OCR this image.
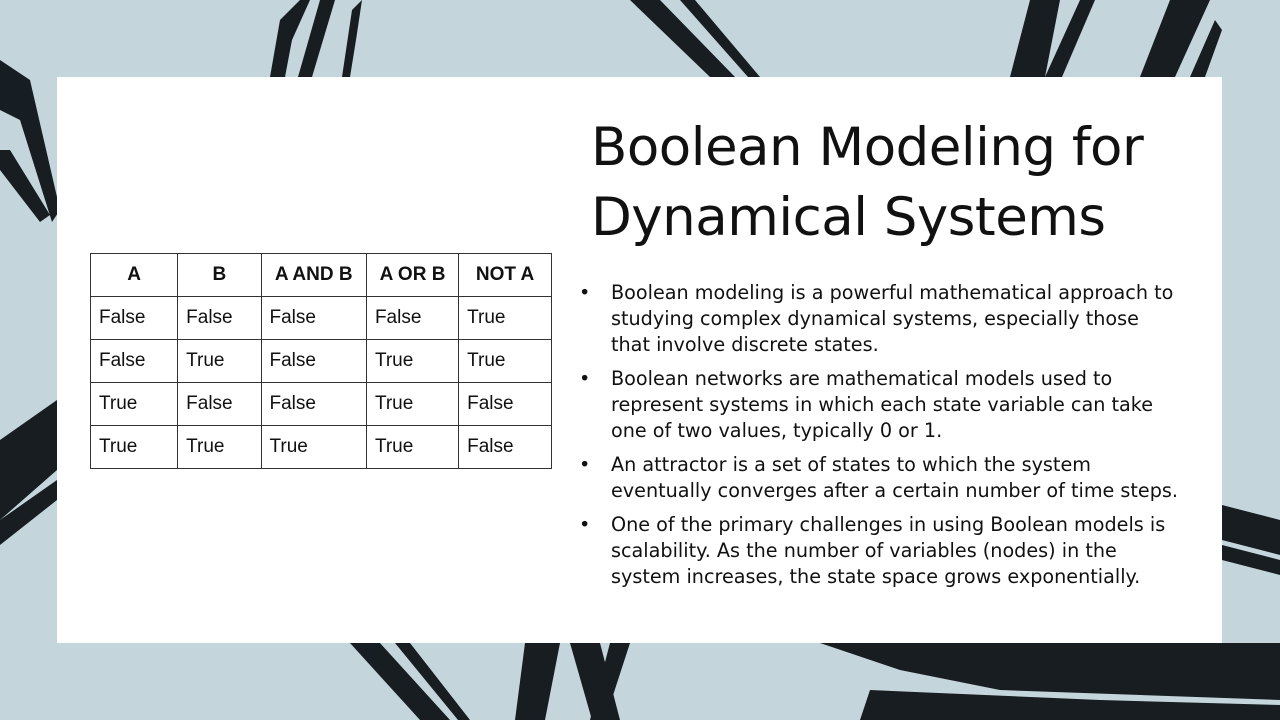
A	B	A AND B	A OR B	NOT A
False	False	False	False	True
False	True	False	True	True
True	False	False	True	False
True	True	True	True	False
Boolean Modeling for Dynamical Systems
•	Boolean modeling is a powerful mathematical approach to studying complex dynamical systems, especially those that involve discrete states.
•	Boolean networks are mathematical models used to represent systems in which each state variable can take one of two values, typically 0 or 1.
•	An attractor is a set of states to which the system eventually converges after a certain number of time steps.
•	One of the primary challenges in using Boolean models is scalability. As the number of variables (nodes) in the system increases, the state space grows exponentially.
